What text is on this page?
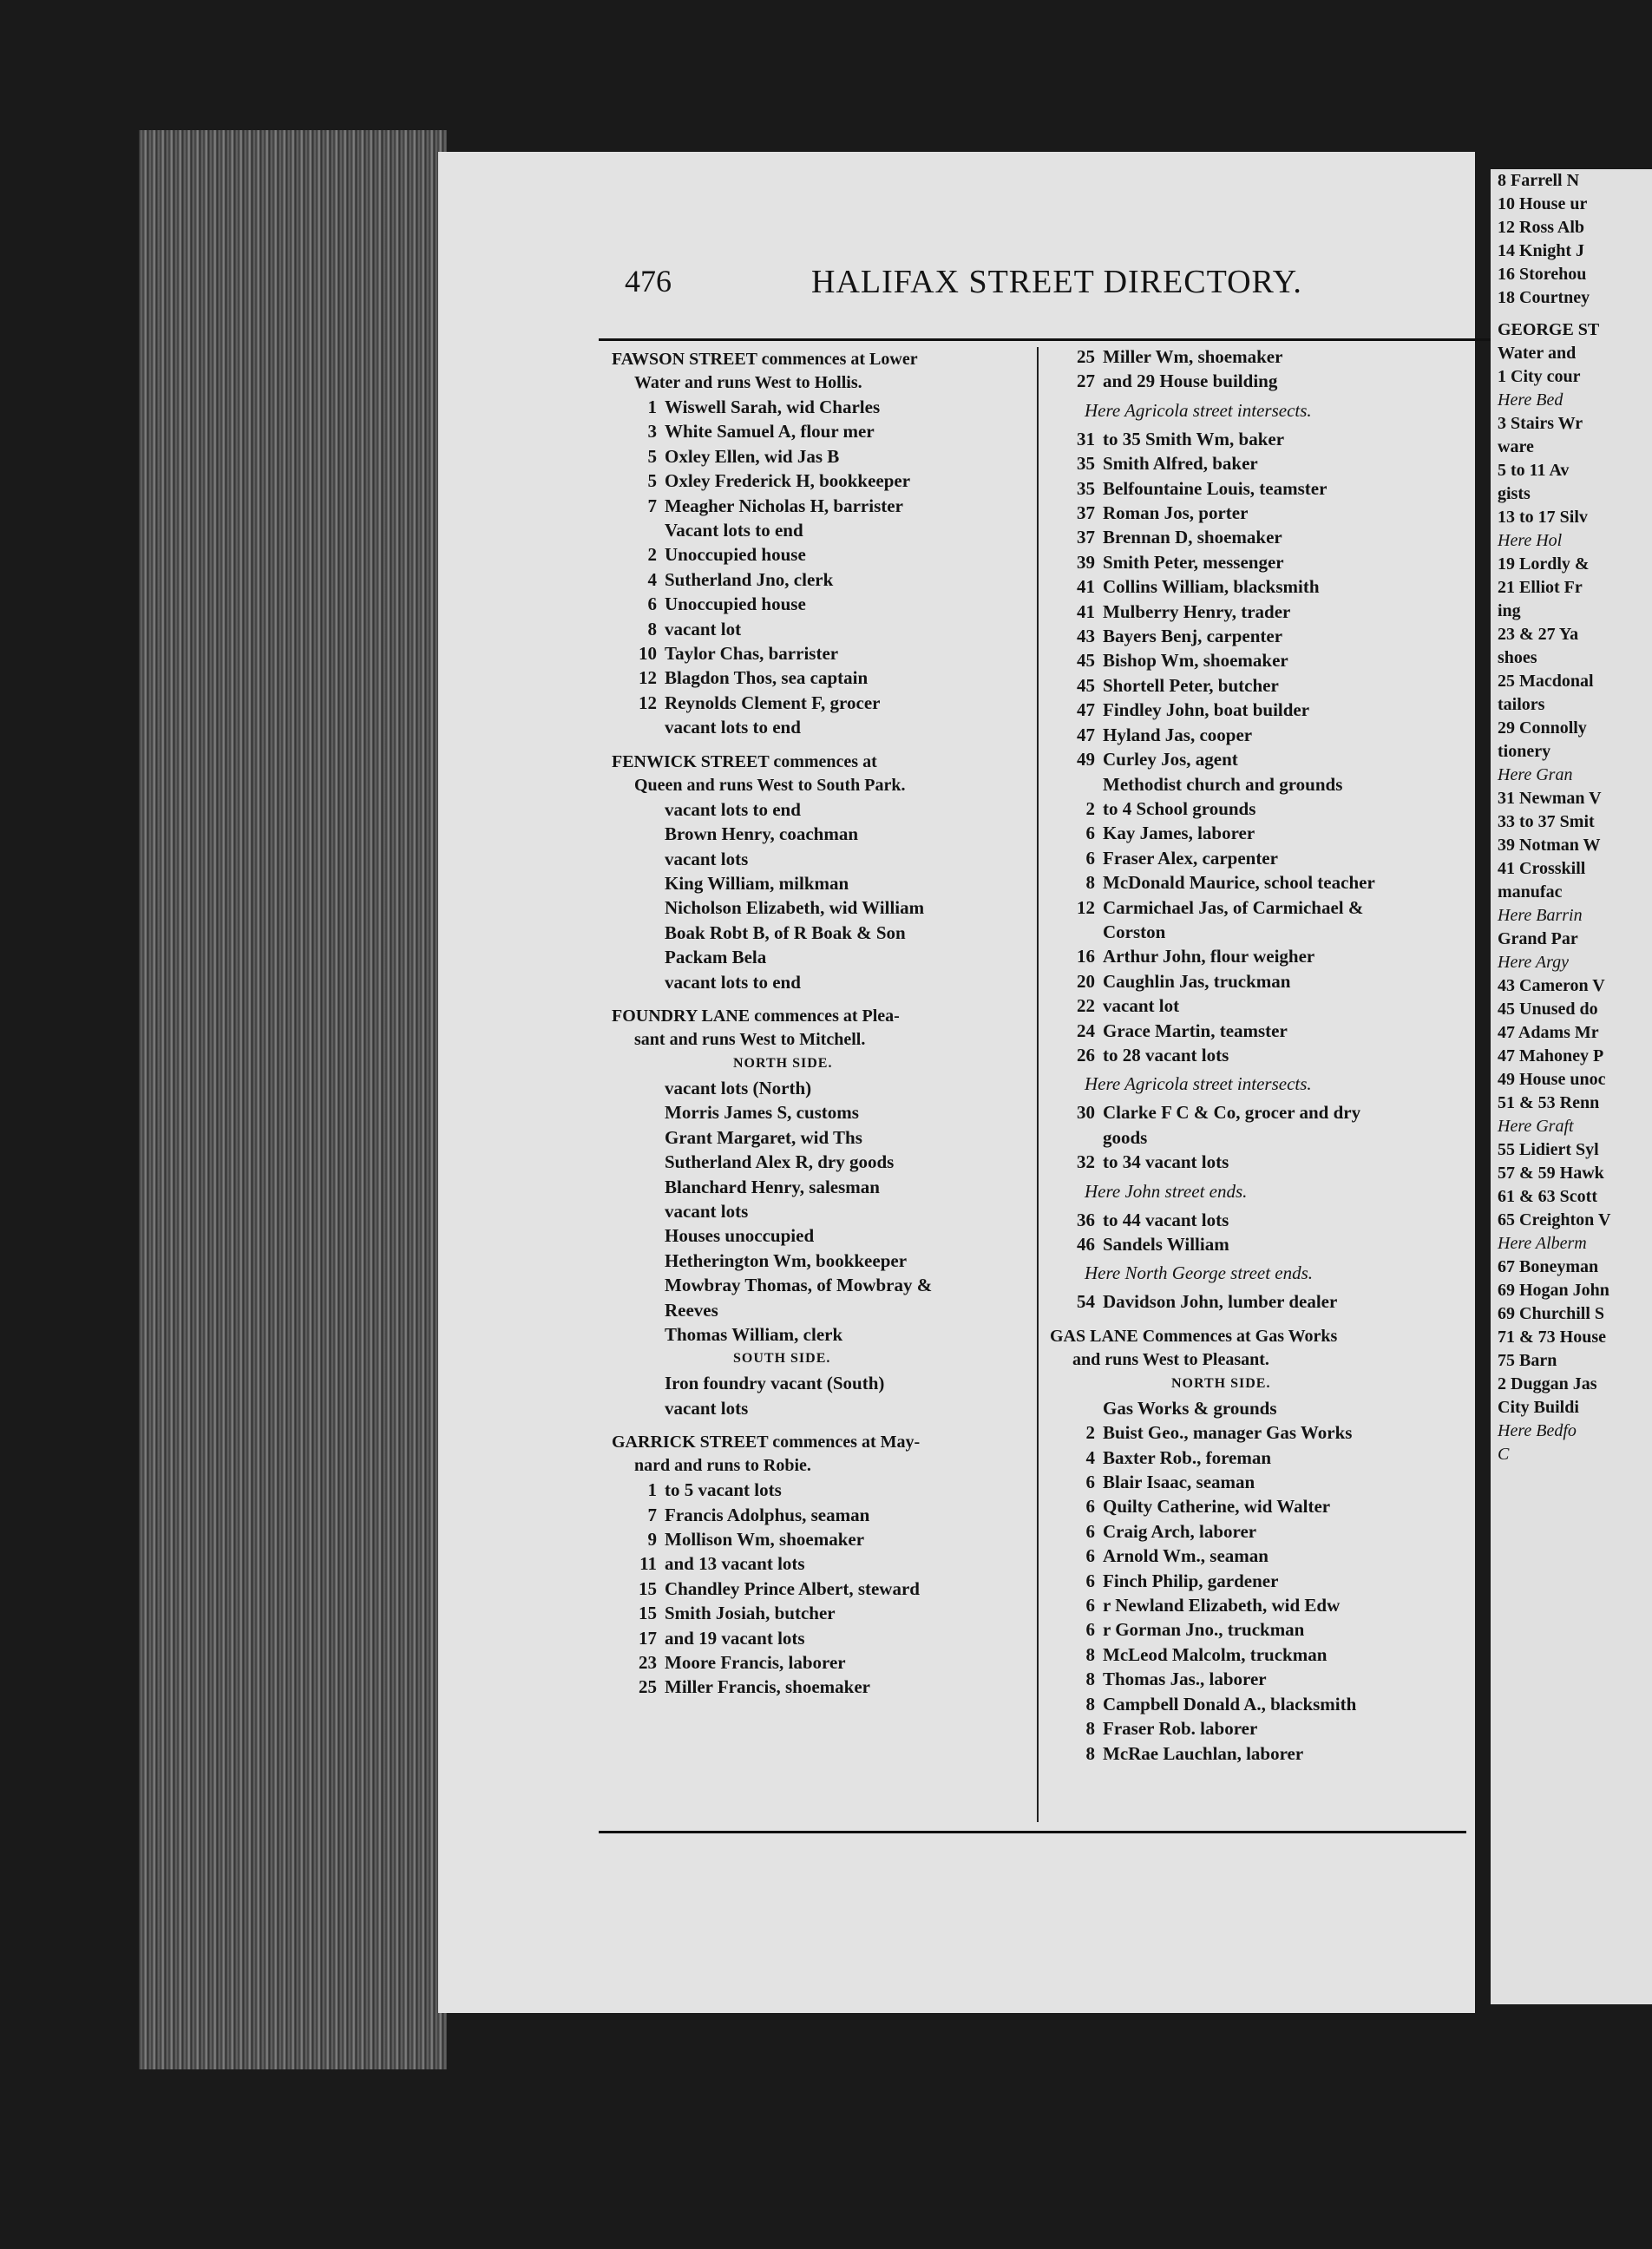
476	HALIFAX STREET DIRECTORY.
FAWSON STREET commences at Lower
Water and runs West to Hollis.
1 Wiswell Sarah, wid Charles
3 White Samuel A, flour mer
5 Oxley Ellen, wid Jas B
5 Oxley Frederick H, bookkeeper
7 Meagher Nicholas H, barrister
Vacant lots to end
2 Unoccupied house
4 Sutherland Jno, clerk
6 Unoccupied house
8 vacant lot
10 Taylor Chas, barrister
12 Blagdon Thos, sea captain
12 Reynolds Clement F, grocer
vacant lots to end
FENWICK STREET commences at
Queen and runs West to South Park.
vacant lots to end
Brown Henry, coachman
vacant lots
King William, milkman
Nicholson Elizabeth, wid William
Boak Robt B, of R Boak & Son
Packam Bela
vacant lots to end
FOUNDRY LANE commences at Plea-
sant and runs West to Mitchell.
NORTH SIDE.
vacant lots (North)
Morris James S, customs
Grant Margaret, wid Ths
Sutherland Alex R, dry goods
Blanchard Henry, salesman
vacant lots
Houses unoccupied
Hetherington Wm, bookkeeper
Mowbray Thomas, of Mowbray &
Reeves
Thomas William, clerk
SOUTH SIDE.
Iron foundry vacant (South)
vacant lots
GARRICK STREET commences at May-
nard and runs to Robie.
1 to 5 vacant lots
7 Francis Adolphus, seaman
9 Mollison Wm, shoemaker
11 and 13 vacant lots
15 Chandley Prince Albert, steward
15 Smith Josiah, butcher
17 and 19 vacant lots
23 Moore Francis, laborer
25 Miller Francis, shoemaker
25 Miller Wm, shoemaker
27 and 29 House building
Here Agricola street intersects.
31 to 35 Smith Wm, baker
35 Smith Alfred, baker
35 Belfountaine Louis, teamster
37 Roman Jos, porter
37 Brennan D, shoemaker
39 Smith Peter, messenger
41 Collins William, blacksmith
41 Mulberry Henry, trader
43 Bayers Benj, carpenter
45 Bishop Wm, shoemaker
45 Shortell Peter, butcher
47 Findley John, boat builder
47 Hyland Jas, cooper
49 Curley Jos, agent
Methodist church and grounds
2 to 4 School grounds
6 Kay James, laborer
6 Fraser Alex, carpenter
8 McDonald Maurice, school teacher
12 Carmichael Jas, of Carmichael &
Corston
16 Arthur John, flour weigher
20 Caughlin Jas, truckman
22 vacant lot
24 Grace Martin, teamster
26 to 28 vacant lots
Here Agricola street intersects.
30 Clarke F C & Co, grocer and dry
goods
32 to 34 vacant lots
Here John street ends.
36 to 44 vacant lots
46 Sandels William
Here North George street ends.
54 Davidson John, lumber dealer
GAS LANE Commences at Gas Works
and runs West to Pleasant.
NORTH SIDE.
Gas Works & grounds
2 Buist Geo., manager Gas Works
4 Baxter Rob., foreman
6 Blair Isaac, seaman
6 Quilty Catherine, wid Walter
6 Craig Arch, laborer
6 Arnold Wm., seaman
6 Finch Philip, gardener
6 r Newland Elizabeth, wid Edw
6 r Gorman Jno., truckman
8 McLeod Malcolm, truckman
8 Thomas Jas., laborer
8 Campbell Donald A., blacksmith
8 Fraser Rob. laborer
8 McRae Lauchlan, laborer
8 Farrell N
10 House ur
12 Ross Alb
14 Knight J
16 Storehou
18 Courtney
GEORGE ST
Water and
1 City cour
Here Bed
3 Stairs Wr
ware
5 to 11 Av
gists
13 to 17 Silv
Here Hol
19 Lordly &
21 Elliot Fr
ing
23 & 27 Ya
shoes
25 Macdonal
tailors
29 Connolly
tionery
Here Gran
31 Newman V
33 to 37 Smit
39 Notman W
41 Crosskill
manufac
Here Barrin
Grand Par
Here Argy
43 Cameron V
45 Unused do
47 Adams Mr
47 Mahoney P
49 House unoc
51 & 53 Renn
Here Graft
55 Lidiert Syl
57 & 59 Hawk
61 & 63 Scott
65 Creighton V
Here Alberm
67 Boneyman
69 Hogan John
69 Churchill S
71 & 73 House
75 Barn
2 Duggan Jas
City Buildi
Here Bedfo
C
